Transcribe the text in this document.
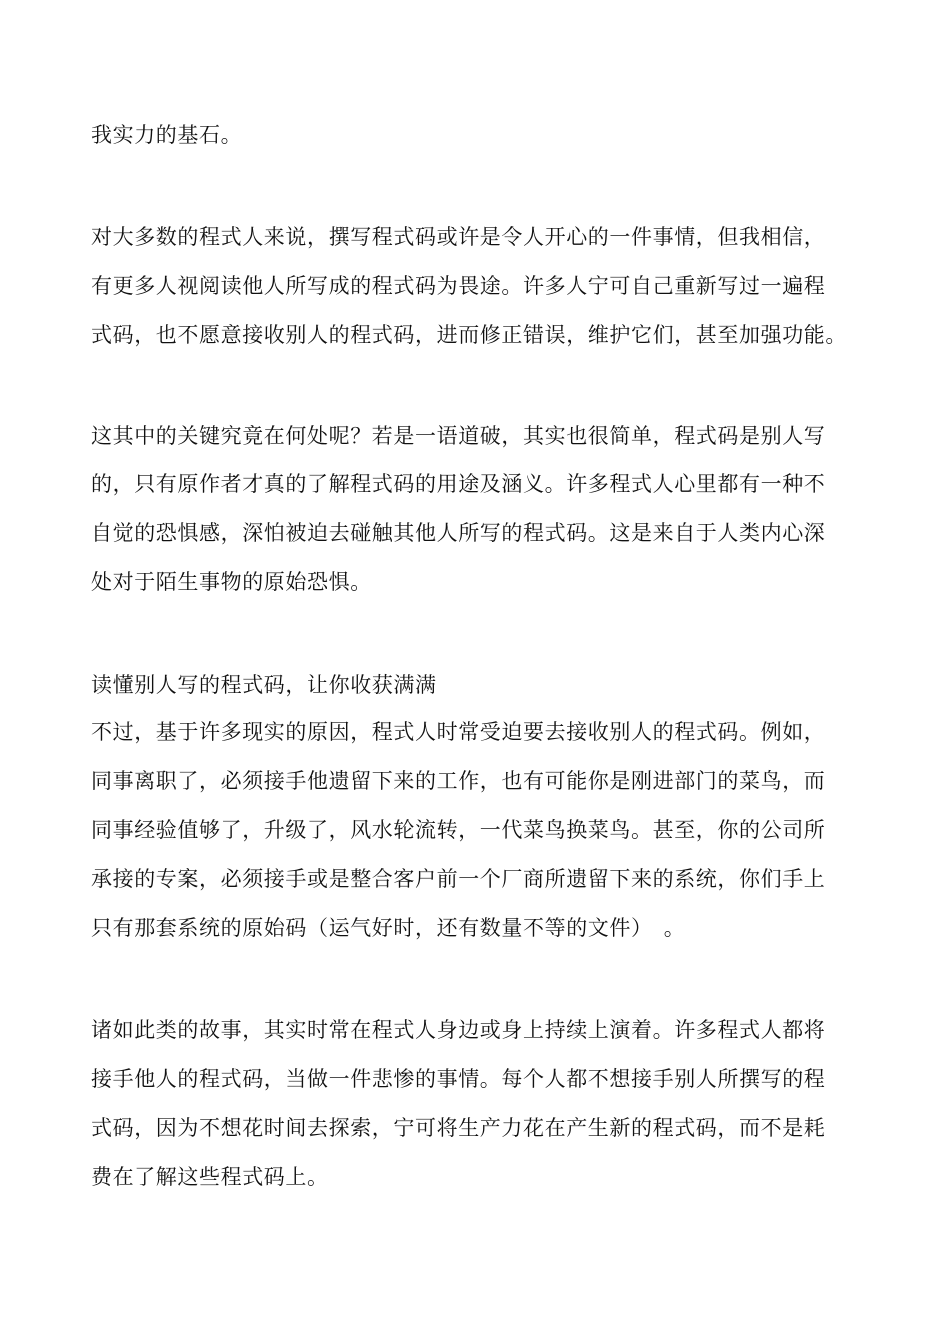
我实力的基石。
对大多数的程式人来说，撰写程式码或许是令人开心的一件事情，但我相信，
有更多人视阅读他人所写成的程式码为畏途。许多人宁可自己重新写过一遍程
式码，也不愿意接收别人的程式码，进而修正错误，维护它们，甚至加强功能。
这其中的关键究竟在何处呢？若是一语道破，其实也很简单，程式码是别人写
的，只有原作者才真的了解程式码的用途及涵义。许多程式人心里都有一种不
自觉的恐惧感，深怕被迫去碰触其他人所写的程式码。这是来自于人类内心深
处对于陌生事物的原始恐惧。
读懂别人写的程式码，让你收获满满
不过，基于许多现实的原因，程式人时常受迫要去接收别人的程式码。例如，
同事离职了，必须接手他遗留下来的工作，也有可能你是刚进部门的菜鸟，而
同事经验值够了，升级了，风水轮流转，一代菜鸟换菜鸟。甚至，你的公司所
承接的专案，必须接手或是整合客户前一个厂商所遗留下来的系统，你们手上
只有那套系统的原始码（运气好时，还有数量不等的文件）　。
诸如此类的故事，其实时常在程式人身边或身上持续上演着。许多程式人都将
接手他人的程式码，当做一件悲惨的事情。每个人都不想接手别人所撰写的程
式码，因为不想花时间去探索，宁可将生产力花在产生新的程式码，而不是耗
费在了解这些程式码上。
